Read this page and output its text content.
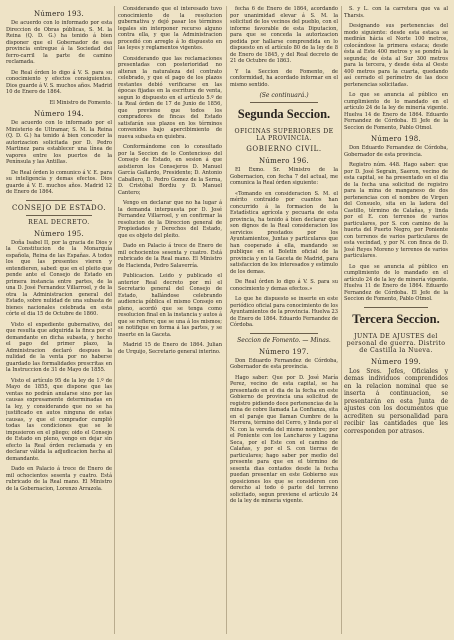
Número 193.

De acuerdo con lo informado por esta Direccion de Obras públicas, S. M. la Reina (Q. D. G.) ha tenido á bien disponer que el Gobernador de esa provincia entregue á la Sociedad del ferro-carril la parte de camino reclamada.

De Real órden lo digo á V. S. para su conocimiento y efectos consiguientes. Dios guarde á V. S. muchos años. Madrid 10 de Enero de 1864.

El Ministro de Fomento.

Número 194.

De acuerdo con lo informado por el Ministerio de Ultramar, S. M. la Reina (Q. D. G.) ha tenido á bien conceder la autorizacion solicitada por D. Pedro Martinez para establecer una línea de vapores entre los puertos de la Península y las Antillas.

De Real órden lo comunico á V. E. para su inteligencia y demas efectos. Dios guarde á V. E. muchos años. Madrid 12 de Enero de 1864.

CONSEJO DE ESTADO.
REAL DECRETO.
Número 195.

Doña Isabel II, por la gracia de Dios y la Constitucion de la Monarquía española, Reina de las Españas. A todos los que las presentes vieren y entendieren, sabed: que en el pleito que pende ante el Consejo de Estado en primera instancia entre partes, de la una D. José Fernandez Villarroel, y de la otra la Administracion general del Estado, sobre nulidad de una subasta de bienes nacionales celebrada en esta córte el dia 15 de Octubre de 1860.

Visto el expediente gubernativo, del que resulta que adquirida la finca por el demandante en dicha subasta, y hecho el pago del primer plazo, la Administracion declaró despues la nulidad de la venta por no haberse guardado las formalidades prescritas en la Instruccion de 31 de Mayo de 1855.

Visto el artículo 95 de la ley de 1.º de Mayo de 1855, que dispone que las ventas no podrán anularse sino por las causas expresamente determinadas en la ley, y considerando que no se ha justificado en autos ninguna de estas causas, y que el comprador cumplió todas las condiciones que se le impusieron en el pliego; oido el Consejo de Estado en pleno, vengo en dejar sin efecto la Real órden reclamada y en declarar válida la adjudicacion hecha al demandante.

Dado en Palacio á trece de Enero de mil ochocientos sesenta y cuatro. Está rubricado de la Real mano. El Ministro de la Gobernacion, Lorenzo Arrazola.

Considerando que el interesado tuvo conocimiento de la resolucion gubernativa y dejó pasar los términos legales sin interponer recurso alguno contra ella, y que la Administracion procedió con arreglo á lo dispuesto en las leyes y reglamentos vigentes.

Considerando que las reclamaciones presentadas con posterioridad no alteran la naturaleza del contrato celebrado, y que el pago de los plazos restantes debió verificarse en las épocas fijadas en la escritura de venta, segun lo dispuesto en el artículo 5.º de la Real órden de 17 de Junio de 1856, que previene que todos los compradores de fincas del Estado satisfarán sus plazos en los términos convenidos bajo apercibimiento de nueva subasta en quiebra.

Conformándome con lo consultado por la Seccion de lo Contencioso del Consejo de Estado, en sesion á que asistieron los Consejeros D. Manuel García Gallardo, Presidente; D. Antonio Caballero, D. Pedro Gomez de la Serna, D. Cristóbal Bordiu y D. Manuel Cantero;

Vengo en declarar que no ha lugar á la demanda interpuesta por D. José Fernandez Villarroel, y en confirmar la resolucion de la Direccion general de Propiedades y Derechos del Estado, que es objeto del pleito.

Dado en Palacio á trece de Enero de mil ochocientos sesenta y cuatro. Está rubricado de la Real mano. El Ministro de Hacienda, Pedro Salaverría.

Publicacion. Leido y publicado el anterior Real decreto por mí el Secretario general del Consejo de Estado, hallándose celebrando audiencia pública el mismo Consejo en pleno, acordó que se tenga como resolucion final en la instancia y autos á que se refiere; que se una á los mismos; se notifique en forma á las partes, y se inserte en la Gaceta.

Madrid 15 de Enero de 1864. Julian de Urquijo, Secretario general interino.

fecha 6 de Enero de 1864, acordando por unanimidad elevar á S. M. la solicitud de los vecinos del pueblo, con el informe favorable de esta Diputacion, para que se conceda la autorizacion pedida por hallarse comprendida en lo dispuesto en el artículo 80 de la ley de 8 de Enero de 1845, y del Real decreto de 21 de Octubre de 1863.

Y la Seccion de Fomento, de conformidad, ha acordado informar en el mismo sentido.

(Se continuará.)
Segunda Seccion.
OFICINAS SUPERIORES DE LA PROVINCIA.
GOBIERNO CIVIL.
Número 196.

El Exmo. Sr. Ministro de la Gobernacion, con fecha 7 del actual, me comunica la Real órden siguiente:

«Tomando en consideracion S. M. el mérito contraido por cuantos han concurrido á la formacion de la Estadística agrícola y pecuaria de esta provincia, ha tenido á bien declarar que son dignos de la Real consideracion los servicios prestados por los Ayuntamientos, Juntas y particulares que han cooperado á ella, mandando se publique en el Boletin oficial de la provincia y en la Gaceta de Madrid, para satisfaccion de los interesados y estímulo de los demas.

De Real órden lo digo á V. S. para su conocimiento y demas efectos.»

Lo que he dispuesto se inserte en este periódico oficial para conocimiento de los Ayuntamientos de la provincia. Huelva 23 de Enero de 1864. Eduardo Fernandez de Córdoba.

Seccion de Fomento. — Minas.
Número 197.

Don Eduardo Fernandez de Córdoba, Gobernador de esta provincia.

Hago saber: Que por D. José María Perez, vecino de esta capital, se ha presentado en el dia de la fecha en este Gobierno de provincia una solicitud de registro pidiendo doce pertenencias de la mina de cobre llamada La Confianza, sita en el paraje que llaman Cumbre de la Herrera, término del Cerro, y linda por el N. con la vereda del mismo nombre; por el Poniente con los Lancharos y Laguna Seca, por el Este con el camino de Calañas, y por el S. con tierras de particulares; hago saber por medio del presente para que en el término de sesenta dias contados desde la fecha puedan presentar en este Gobierno sus oposiciones los que se consideren con derecho al todo ó parte del terreno solicitado, segun previene el artículo 24 de la ley de minería vigente.

S. y L. con la carretera que va al Tharsis.

Designando sus pertenencias del modo siguiente: desde esta estaca se medirán hácia el Norte 100 metros, colocándose la primera estaca; desde ésta al Este 400 metros y se pondrá la segunda; de ésta al Sur 300 metros para la tercera, y desde ésta al Oeste 400 metros para la cuarta, quedando así cerrado el perímetro de las doce pertenencias solicitadas.

Lo que se anuncia al público en cumplimiento de lo mandado en el artículo 24 de la ley de minería vigente. Huelva 14 de Enero de 1864. Eduardo Fernandez de Córdoba. El Jefe de la Seccion de Fomento, Pablo Otmol.

Número 198.

Don Eduardo Fernandez de Córdoba, Gobernador de esta provincia.

Registro núm. 448. Hago saber: que por D. José Segrain, Saeron, vecino de esta capital, se ha presentado en el dia de la fecha una solicitud de registro para la mina de manganeso de dos pertenencias con el nombre de Virgen del Consuelo, sita en la ladera del Castillo, término de Calañas, y linda por el E. con terrenos de varios particulares, por S. con camino de la huerta del Puerto Negro, por Poniente con terrenos de varios particulares de esta vecindad, y por N. con finca de D. José Reyes Moreno y terrenos de varios particulares.

Lo que se anuncia al público en cumplimiento de lo mandado en el artículo 24 de la ley de minería vigente. Huelva 11 de Enero de 1864. Eduardo Fernandez de Córdoba. El Jefe de la Seccion de Fomento, Pablo Otmol.

Tercera Seccion.
JUNTA DE AJUSTES del personal de guerra. Distrito de Castilla la Nueva.
Número 199.

Los Sres. Jefes, Oficiales y demas individuos comprendidos en la relacion nominal que se inserta á continuacion, se presentarán en esta Junta de ajustes con los documentos que acrediten su personalidad para recibir las cantidades que les corresponden por atrasos.
